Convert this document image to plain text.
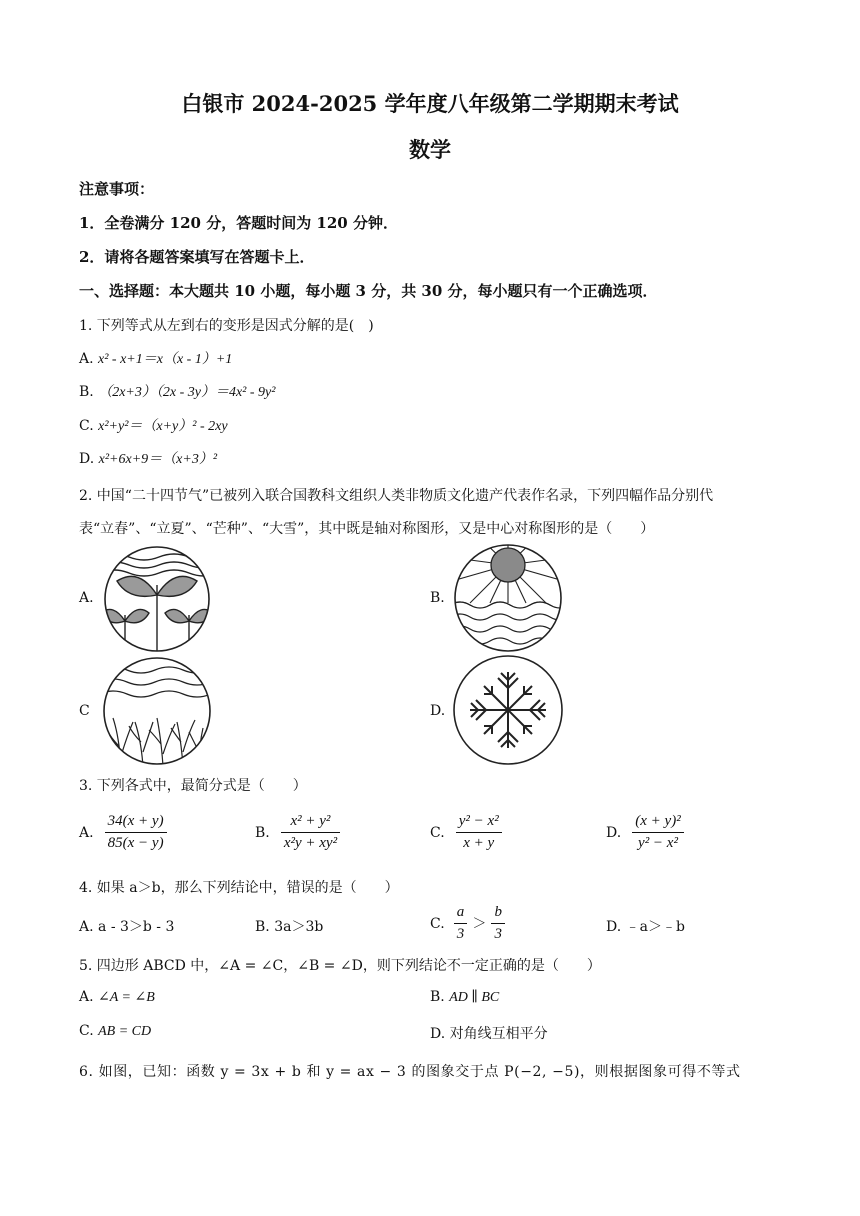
白银市 2024-2025 学年度八年级第二学期期末考试
数学
注意事项：
1．全卷满分 120 分，答题时间为 120 分钟．
2．请将各题答案填写在答题卡上．
一、选择题：本大题共 10 小题，每小题 3 分，共 30 分，每小题只有一个正确选项．
1. 下列等式从左到右的变形是因式分解的是(　)
A. x² - x+1＝x（x - 1）+1
B. （2x+3）（2x - 3y）＝4x² - 9y²
C. x²+y²＝（x+y）² - 2xy
D. x²+6x+9＝（x+3）²
2. 中国“二十四节气”已被列入联合国教科文组织人类非物质文化遗产代表作名录，下列四幅作品分别代
表“立春”、“立夏”、“芒种”、“大雪”，其中既是轴对称图形，又是中心对称图形的是（　　）
A.	B.
C	D.
3. 下列各式中，最简分式是（　　）
A. $\frac{34(x + y)}{85(x - y)}$	B. $\frac{\text{x² + y²}}{\text{x²y + xy²}}$	C. $\frac{\text{y² − x²}}{x + y}$	D. $\frac{\text{(x + y)²}}{\text{y² − x²}}$
4. 如果 a＞b，那么下列结论中，错误的是（　　）
A. a - 3＞b - 3	B. 3a＞3b	C. $\frac{a}{3} > \frac{b}{3}$	D. ﹣a＞﹣b
5. 四边形 ABCD 中，∠A = ∠C，∠B = ∠D，则下列结论不一定正确的是（　　）
A. ∠A = ∠B	B. AD ∥ BC
C. AB = CD	D. 对角线互相平分
6. 如图，已知：函数 y = 3x + b 和 y = ax − 3 的图象交于点 P(−2, −5)，则根据图象可得不等式
